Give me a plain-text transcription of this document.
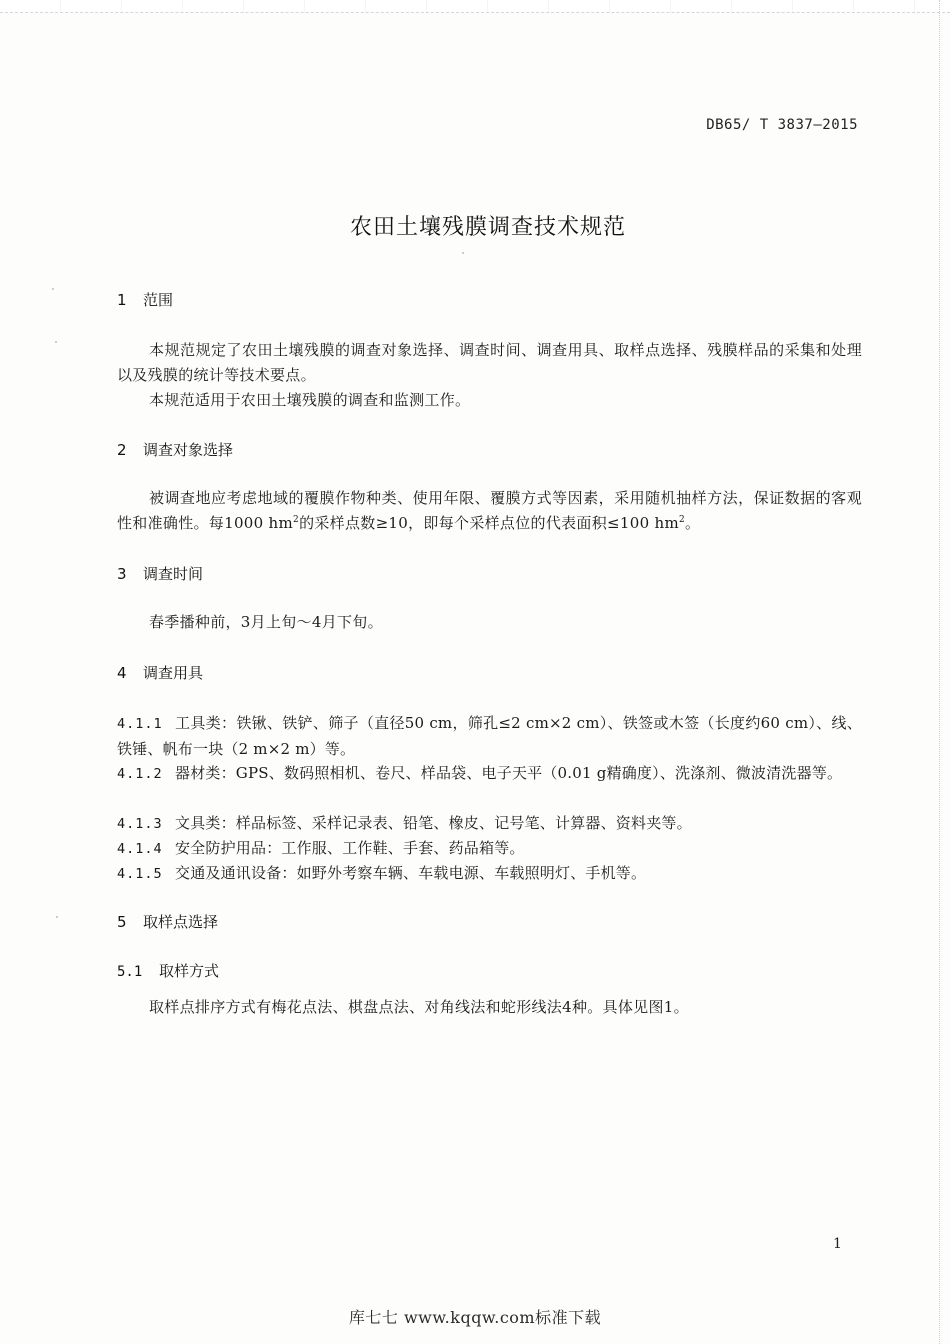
DB65/ T 3837—2015
农田土壤残膜调查技术规范
1 范围
本规范规定了农田土壤残膜的调查对象选择、调查时间、调查用具、取样点选择、残膜样品的采集和处理以及残膜的统计等技术要点。
本规范适用于农田土壤残膜的调查和监测工作。
2 调查对象选择
被调查地应考虑地域的覆膜作物种类、使用年限、覆膜方式等因素，采用随机抽样方法，保证数据的客观性和准确性。每1000 $hm^2$的采样点数≥10，即每个采样点位的代表面积≤100 $hm^2$。
3 调查时间
春季播种前，3月上旬～4月下旬。
4 调查用具
4.1.1 工具类：铁锹、铁铲、筛子（直径50 cm，筛孔≤2 cm×2 cm）、铁签或木签（长度约60 cm）、线、铁锤、帆布一块（2 m×2 m）等。
4.1.2 器材类：GPS、数码照相机、卷尺、样品袋、电子天平（0.01 g精确度）、洗涤剂、微波清洗器等。
4.1.3 文具类：样品标签、采样记录表、铅笔、橡皮、记号笔、计算器、资料夹等。
4.1.4 安全防护用品：工作服、工作鞋、手套、药品箱等。
4.1.5 交通及通讯设备：如野外考察车辆、车载电源、车载照明灯、手机等。
5 取样点选择
5.1 取样方式
取样点排序方式有梅花点法、棋盘点法、对角线法和蛇形线法4种。具体见图1。
1
库七七 www.kqqw.com标准下载
